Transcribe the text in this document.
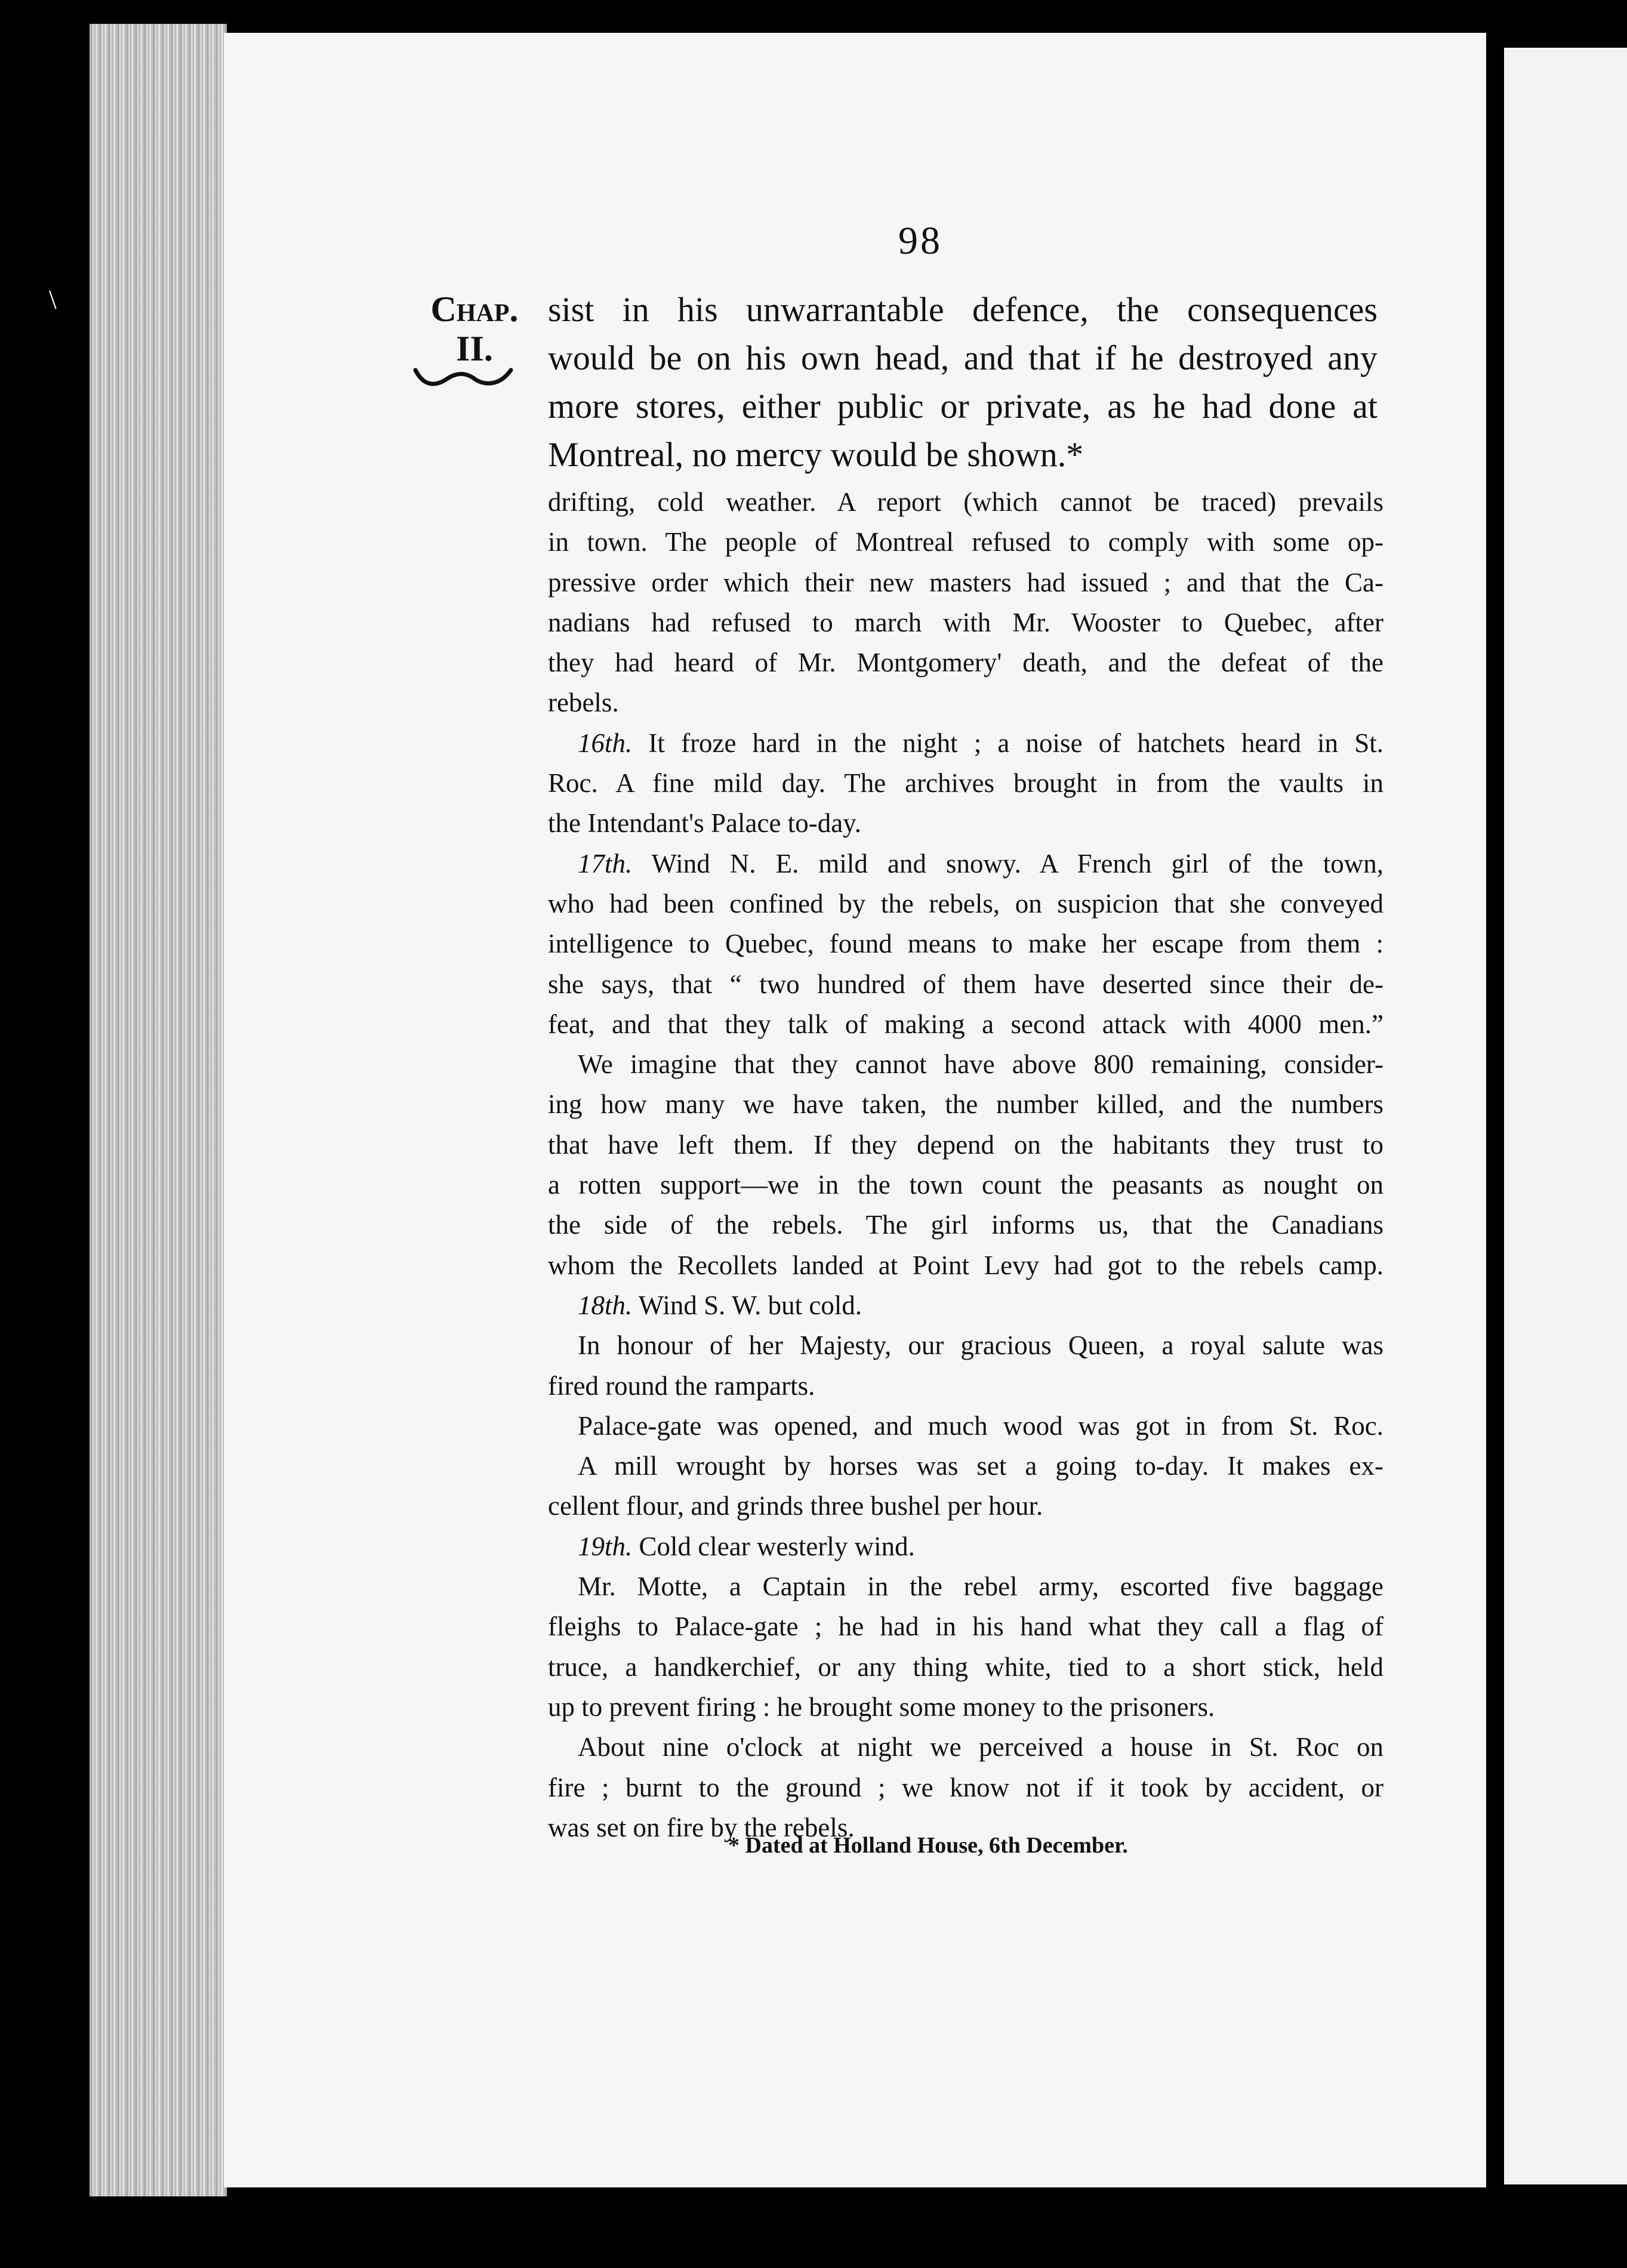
\
98
Chap.
II.
sist in his unwarrantable defence, the consequences
would be on his own head, and that if he destroyed any
more stores, either public or private, as he had done at
Montreal, no mercy would be shown.*
drifting, cold weather. A report (which cannot be traced) prevails
in town. The people of Montreal refused to comply with some op-
pressive order which their new masters had issued ; and that the Ca-
nadians had refused to march with Mr. Wooster to Quebec, after
they had heard of Mr. Montgomery' death, and the defeat of the
rebels.
16th. It froze hard in the night ; a noise of hatchets heard in St.
Roc. A fine mild day. The archives brought in from the vaults in
the Intendant's Palace to-day.
17th. Wind N. E. mild and snowy. A French girl of the town,
who had been confined by the rebels, on suspicion that she conveyed
intelligence to Quebec, found means to make her escape from them :
she says, that “ two hundred of them have deserted since their de-
feat, and that they talk of making a second attack with 4000 men.”
We imagine that they cannot have above 800 remaining, consider-
ing how many we have taken, the number killed, and the numbers
that have left them. If they depend on the habitants they trust to
a rotten support—we in the town count the peasants as nought on
the side of the rebels. The girl informs us, that the Canadians
whom the Recollets landed at Point Levy had got to the rebels camp.
18th. Wind S. W. but cold.
In honour of her Majesty, our gracious Queen, a royal salute was
fired round the ramparts.
Palace-gate was opened, and much wood was got in from St. Roc.
A mill wrought by horses was set a going to-day. It makes ex-
cellent flour, and grinds three bushel per hour.
19th. Cold clear westerly wind.
Mr. Motte, a Captain in the rebel army, escorted five baggage
fleighs to Palace-gate ; he had in his hand what they call a flag of
truce, a handkerchief, or any thing white, tied to a short stick, held
up to prevent firing : he brought some money to the prisoners.
About nine o'clock at night we perceived a house in St. Roc on
fire ; burnt to the ground ; we know not if it took by accident, or
was set on fire by the rebels.
* Dated at Holland House, 6th December.
